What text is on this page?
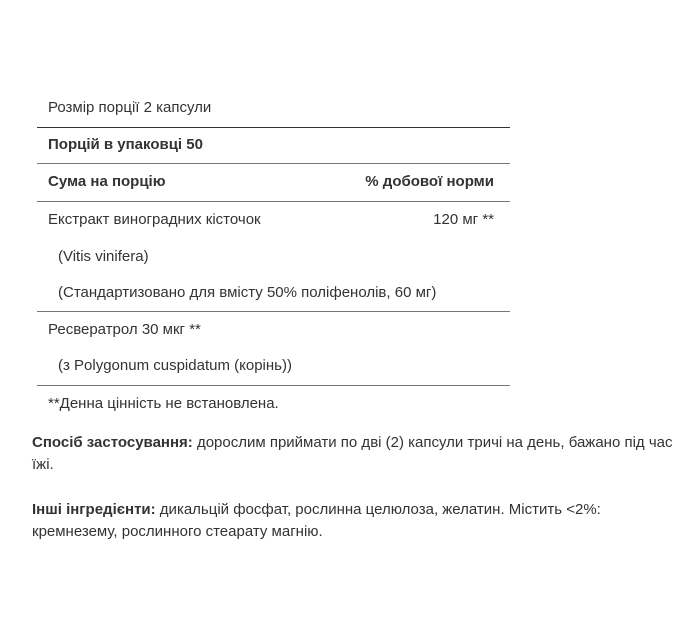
Розмір порції 2 капсули
Порцій в упаковці 50
Сума на порцію	% добової норми
Екстракт виноградних кісточок	120 мг **
(Vitis vinifera)
(Стандартизовано для вмісту 50% поліфенолів, 60 мг)
Ресвератрол 30 мкг **
(з Polygonum cuspidatum (корінь))
**Денна цінність не встановлена.
Спосіб застосування: дорослим приймати по дві (2) капсули тричі на день, бажано під час їжі.
Інші інгредієнти: дикальцій фосфат, рослинна целюлоза, желатин. Містить <2%: кремнезему, рослинного стеарату магнію.
